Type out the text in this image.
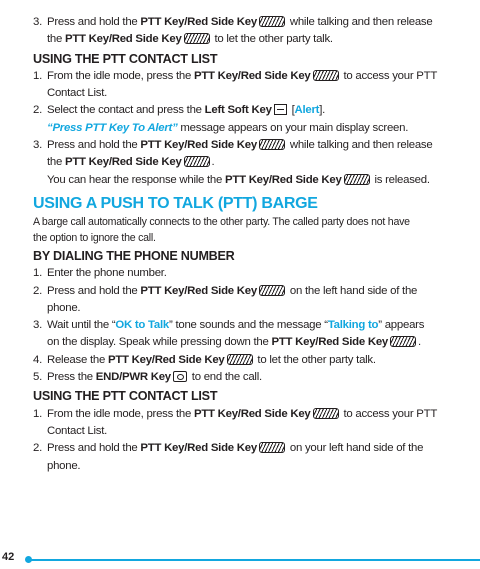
3. Press and hold the PTT Key/Red Side Key	while talking and then release
the PTT Key/Red Side Key	to let the other party talk.
USING THE PTT CONTACT LIST
1. From the idle mode, press the PTT Key/Red Side Key	to access your PTT
Contact List.
2. Select the contact and press the Left Soft Key [Alert].
“Press PTT Key To Alert” message appears on your main display screen.
3. Press and hold the PTT Key/Red Side Key	while talking and then release
the PTT Key/Red Side Key	.
You can hear the response while the PTT Key/Red Side Key	is released.
USING A PUSH TO TALK (PTT) BARGE
A barge call automatically connects to the other party. The called party does not have
the option to ignore the call.
BY DIALING THE PHONE NUMBER
1. Enter the phone number.
2. Press and hold the PTT Key/Red Side Key	on the left hand side of the
phone.
3. Wait until the “OK to Talk” tone sounds and the message “Talking to” appears
on the display. Speak while pressing down the PTT Key/Red Side Key	.
4. Release the PTT Key/Red Side Key	to let the other party talk.
5. Press the END/PWR Key to end the call.
USING THE PTT CONTACT LIST
1. From the idle mode, press the PTT Key/Red Side Key	to access your PTT
Contact List.
2. Press and hold the PTT Key/Red Side Key	on your left hand side of the
phone.
42
